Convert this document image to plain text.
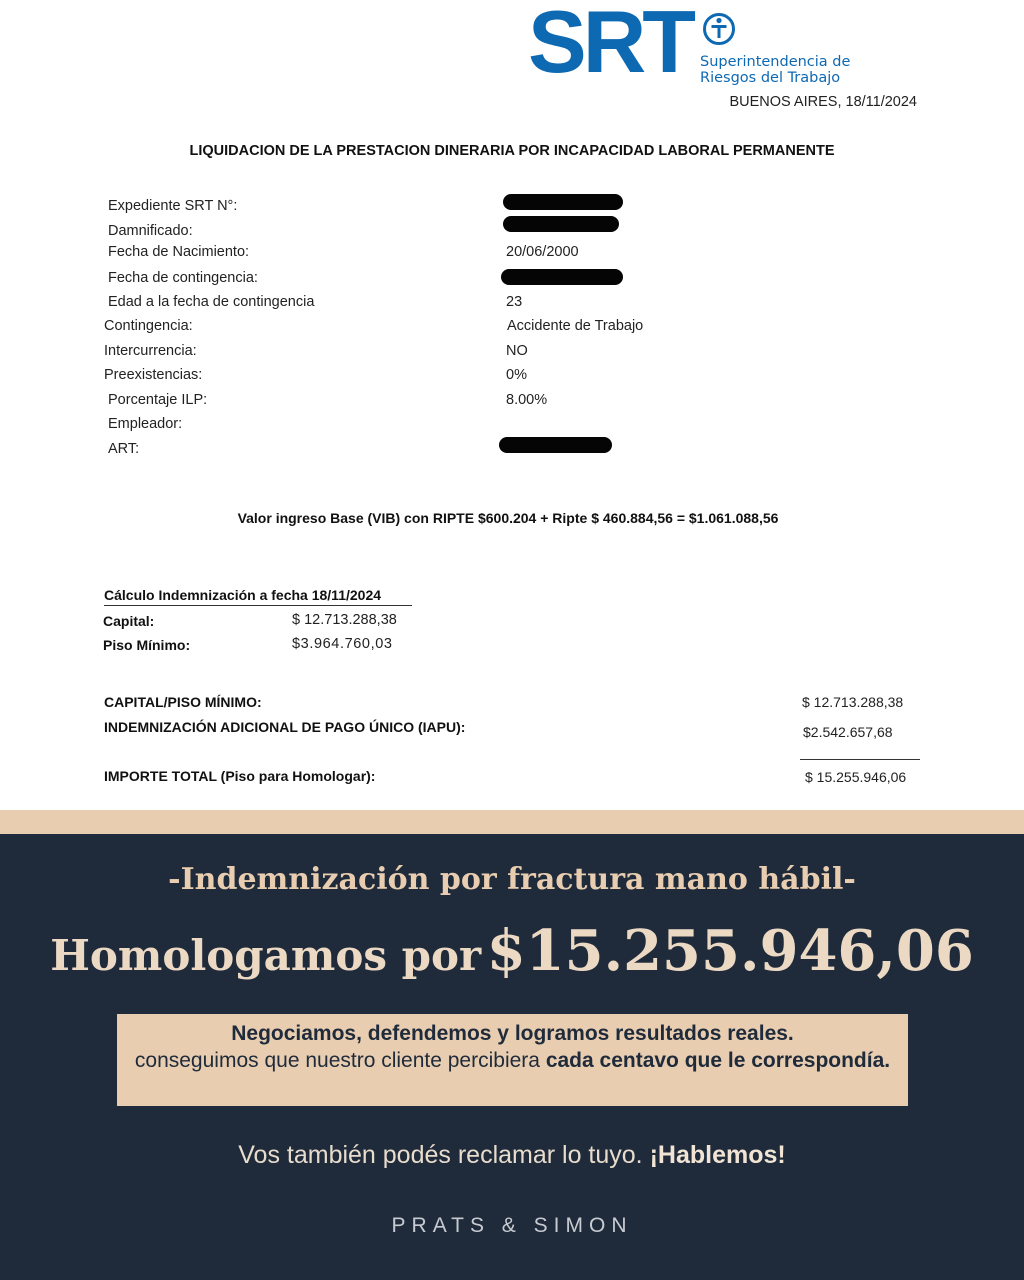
SRT Superintendencia de
Riesgos del Trabajo
BUENOS AIRES, 18/11/2024
LIQUIDACION DE LA PRESTACION DINERARIA POR INCAPACIDAD LABORAL PERMANENTE
Expediente SRT N°:
Damnificado:
Fecha de Nacimiento:	20/06/2000
Fecha de contingencia:
Edad a la fecha de contingencia	23
Contingencia:	Accidente de Trabajo
Intercurrencia:	NO
Preexistencias:	0%
Porcentaje ILP:	8.00%
Empleador:
ART:
Valor ingreso Base (VIB) con RIPTE $600.204 + Ripte $ 460.884,56 = $1.061.088,56
Cálculo Indemnización a fecha 18/11/2024
Capital:	$ 12.713.288,38
Piso Mínimo:	$3.964.760,03
CAPITAL/PISO MÍNIMO:	$ 12.713.288,38
INDEMNIZACIÓN ADICIONAL DE PAGO ÚNICO (IAPU):	$2.542.657,68
IMPORTE TOTAL (Piso para Homologar):	$ 15.255.946,06
-Indemnización por fractura mano hábil-
Homologamos por $15.255.946,06
Negociamos, defendemos y logramos resultados reales.
conseguimos que nuestro cliente percibiera cada centavo que le correspondía.
Vos también podés reclamar lo tuyo. ¡Hablemos!
PRATS & SIMON
